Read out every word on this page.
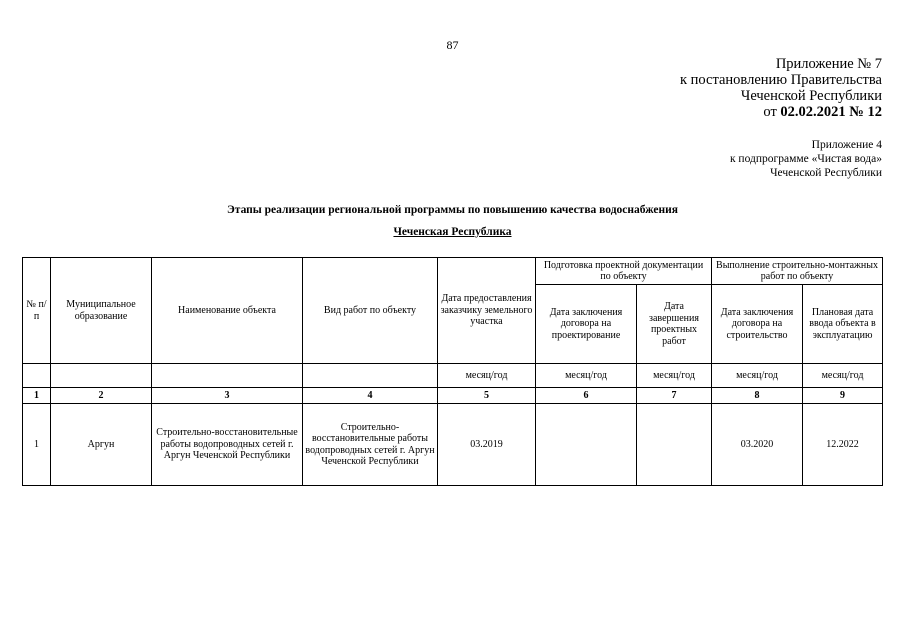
87
Приложение № 7
к постановлению Правительства
Чеченской Республики
от 02.02.2021 № 12
Приложение 4
к подпрограмме «Чистая вода»
Чеченской Республики
Этапы реализации региональной программы по повышению качества водоснабжения
Чеченская Республика
№ п/п	Муниципальное образование	Наименование объекта	Вид работ по объекту	Дата предоставления заказчику земельного участка	Подготовка проектной документации по объекту		Выполнение строительно-монтажных работ по объекту	
					Дата заключения договора на проектирование	Дата завершения проектных работ	Дата заключения договора на строительство	Плановая дата ввода объекта в эксплуатацию
				месяц/год	месяц/год	месяц/год	месяц/год	месяц/год
1	2	3	4	5	6	7	8	9
1	Аргун	Строительно-восстановительные работы водопроводных сетей г. Аргун Чеченской Республики	Строительно-восстановительные работы водопроводных сетей г. Аргун Чеченской Республики	03.2019			03.2020	12.2022
